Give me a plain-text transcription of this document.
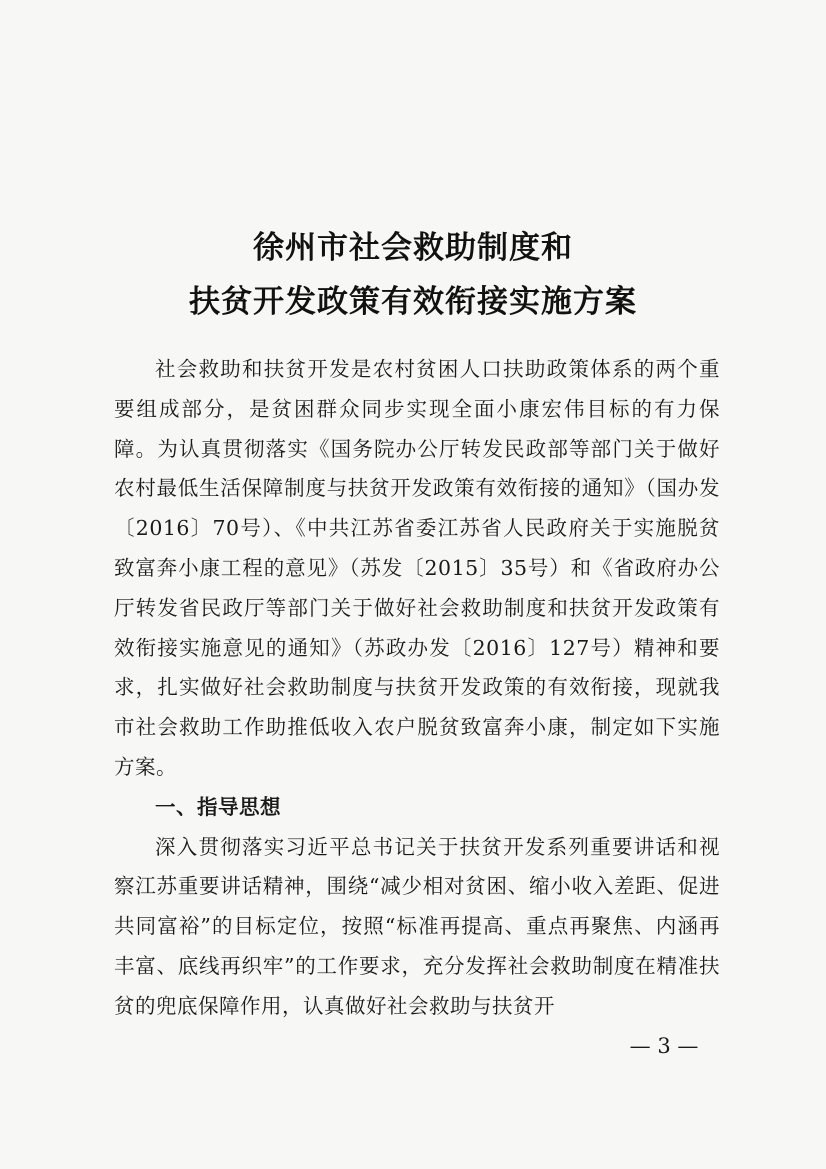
徐州市社会救助制度和
扶贫开发政策有效衔接实施方案

社会救助和扶贫开发是农村贫困人口扶助政策体系的两个重要组成部分，是贫困群众同步实现全面小康宏伟目标的有力保障。为认真贯彻落实《国务院办公厅转发民政部等部门关于做好农村最低生活保障制度与扶贫开发政策有效衔接的通知》（国办发〔2016〕70号）、《中共江苏省委江苏省人民政府关于实施脱贫致富奔小康工程的意见》（苏发〔2015〕35号）和《省政府办公厅转发省民政厅等部门关于做好社会救助制度和扶贫开发政策有效衔接实施意见的通知》（苏政办发〔2016〕127号）精神和要求，扎实做好社会救助制度与扶贫开发政策的有效衔接，现就我市社会救助工作助推低收入农户脱贫致富奔小康，制定如下实施方案。

一、指导思想

深入贯彻落实习近平总书记关于扶贫开发系列重要讲话和视察江苏重要讲话精神，围绕“减少相对贫困、缩小收入差距、促进共同富裕”的目标定位，按照“标准再提高、重点再聚焦、内涵再丰富、底线再织牢”的工作要求，充分发挥社会救助制度在精准扶贫的兜底保障作用，认真做好社会救助与扶贫开

— 3 —
